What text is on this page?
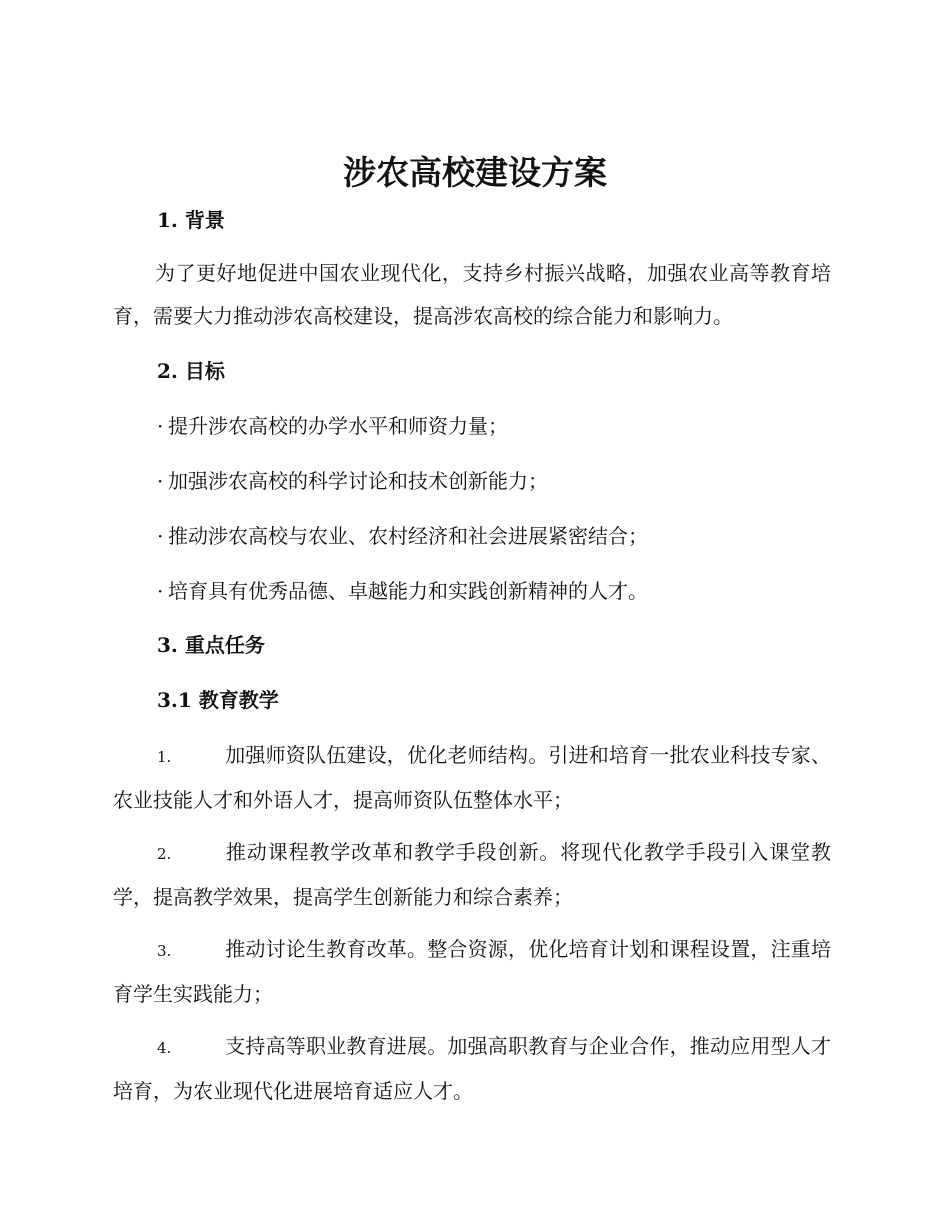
涉农高校建设方案
1. 背景

为了更好地促进中国农业现代化，支持乡村振兴战略，加强农业高等教育培育，需要大力推动涉农高校建设，提高涉农高校的综合能力和影响力。

2. 目标

· 提升涉农高校的办学水平和师资力量；

· 加强涉农高校的科学讨论和技术创新能力；

· 推动涉农高校与农业、农村经济和社会进展紧密结合；

· 培育具有优秀品德、卓越能力和实践创新精神的人才。

3. 重点任务
3.1 教育教学

1.	加强师资队伍建设，优化老师结构。引进和培育一批农业科技专家、农业技能人才和外语人才，提高师资队伍整体水平；

2.	推动课程教学改革和教学手段创新。将现代化教学手段引入课堂教学，提高教学效果，提高学生创新能力和综合素养；

3.	推动讨论生教育改革。整合资源，优化培育计划和课程设置，注重培育学生实践能力；

4.	支持高等职业教育进展。加强高职教育与企业合作，推动应用型人才培育，为农业现代化进展培育适应人才。
